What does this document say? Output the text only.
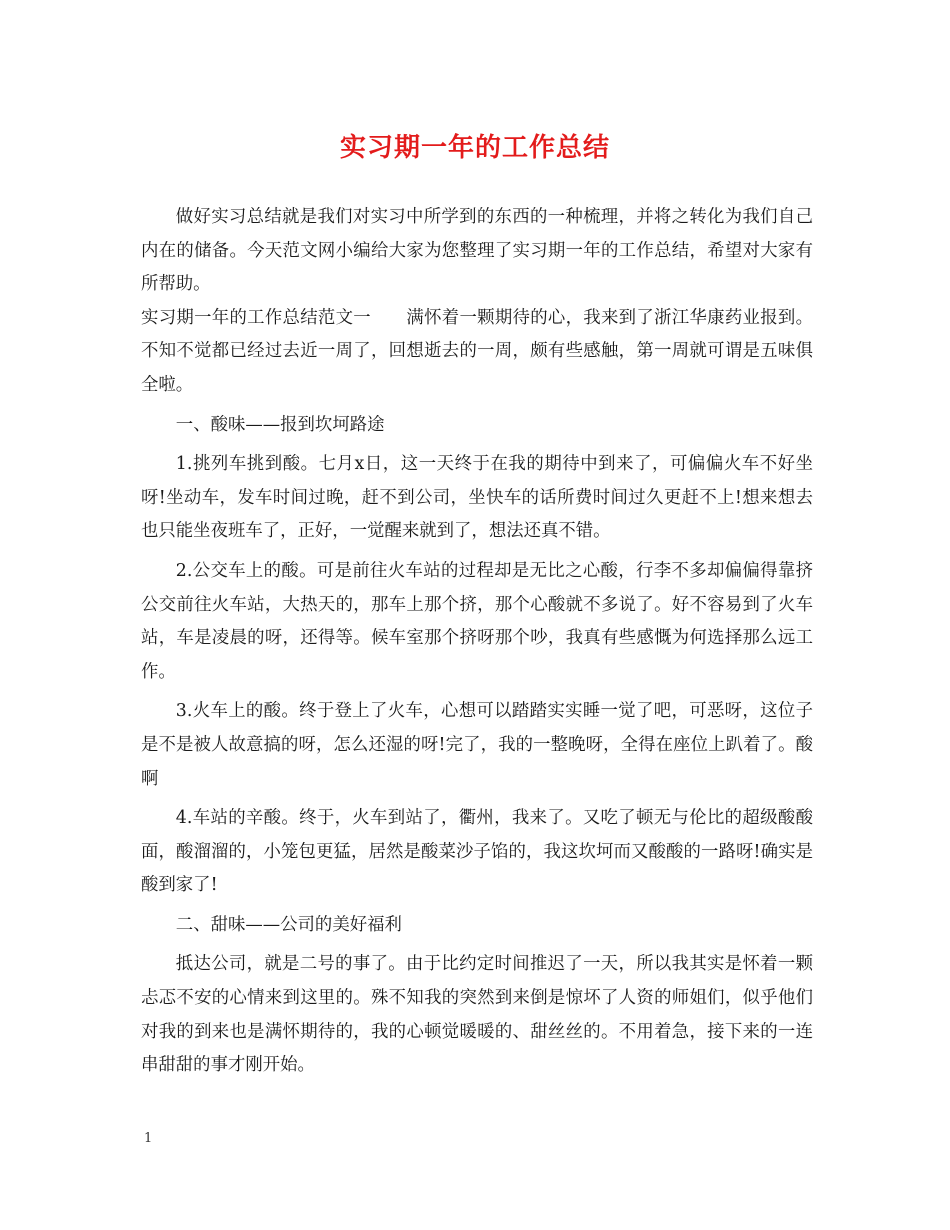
实习期一年的工作总结

做好实习总结就是我们对实习中所学到的东西的一种梳理，并将之转化为我们自己内在的储备。今天范文网小编给大家为您整理了实习期一年的工作总结，希望对大家有所帮助。

实习期一年的工作总结范文一　　满怀着一颗期待的心，我来到了浙江华康药业报到。不知不觉都已经过去近一周了，回想逝去的一周，颇有些感触，第一周就可谓是五味俱全啦。

一、酸味——报到坎坷路途

1.挑列车挑到酸。七月x日，这一天终于在我的期待中到来了，可偏偏火车不好坐呀!坐动车，发车时间过晚，赶不到公司，坐快车的话所费时间过久更赶不上!想来想去也只能坐夜班车了，正好，一觉醒来就到了，想法还真不错。

2.公交车上的酸。可是前往火车站的过程却是无比之心酸，行李不多却偏偏得靠挤公交前往火车站，大热天的，那车上那个挤，那个心酸就不多说了。好不容易到了火车站，车是凌晨的呀，还得等。候车室那个挤呀那个吵，我真有些感慨为何选择那么远工作。

3.火车上的酸。终于登上了火车，心想可以踏踏实实睡一觉了吧，可恶呀，这位子是不是被人故意搞的呀，怎么还湿的呀!完了，我的一整晚呀，全得在座位上趴着了。酸啊

4.车站的辛酸。终于，火车到站了，衢州，我来了。又吃了顿无与伦比的超级酸酸面，酸溜溜的，小笼包更猛，居然是酸菜沙子馅的，我这坎坷而又酸酸的一路呀!确实是酸到家了!

二、甜味——公司的美好福利

抵达公司，就是二号的事了。由于比约定时间推迟了一天，所以我其实是怀着一颗忐忑不安的心情来到这里的。殊不知我的突然到来倒是惊坏了人资的师姐们，似乎他们对我的到来也是满怀期待的，我的心顿觉暖暖的、甜丝丝的。不用着急，接下来的一连串甜甜的事才刚开始。

1
